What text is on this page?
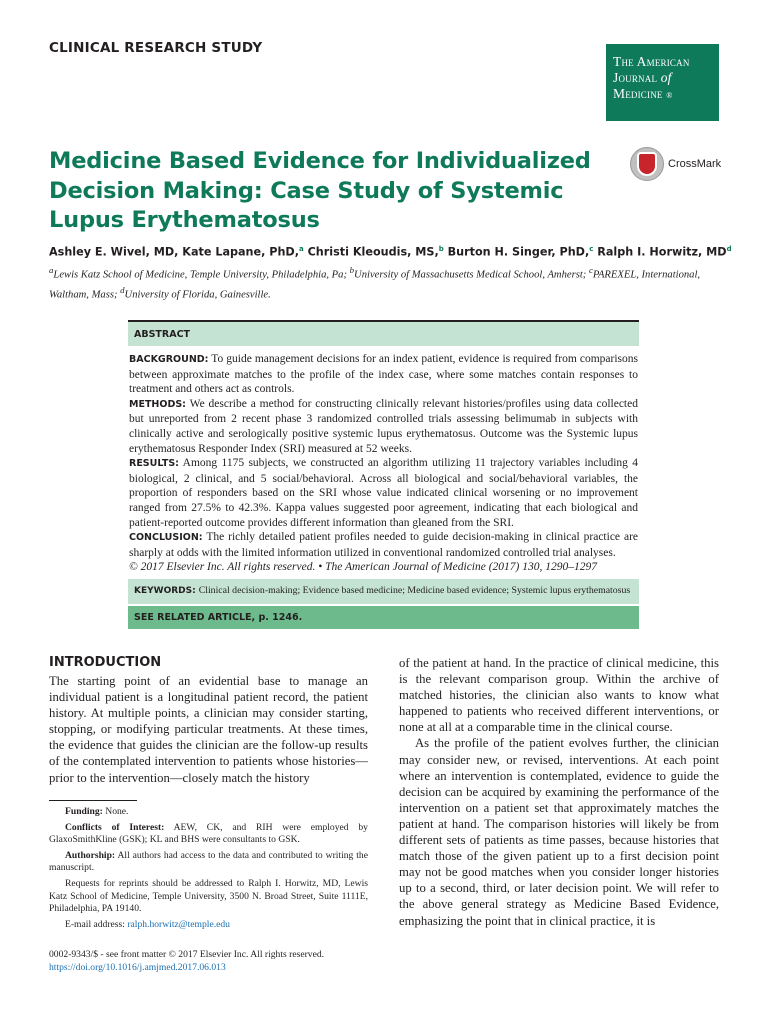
CLINICAL RESEARCH STUDY
The American
Journal of
Medicine ®
CrossMark
Medicine Based Evidence for Individualized Decision Making: Case Study of Systemic Lupus Erythematosus
Ashley E. Wivel, MD, Kate Lapane, PhD,$^a$ Christi Kleoudis, MS,$^b$ Burton H. Singer, PhD,$^c$ Ralph I. Horwitz, $MD^d$
$^a$Lewis Katz School of Medicine, Temple University, Philadelphia, Pa; $^b$University of Massachusetts Medical School, Amherst; $^c$PAREXEL, International, Waltham, Mass; $^d$University of Florida, Gainesville.
ABSTRACT
BACKGROUND: To guide management decisions for an index patient, evidence is required from comparisons between approximate matches to the profile of the index case, where some matches contain responses to treatment and others act as controls.
METHODS: We describe a method for constructing clinically relevant histories/profiles using data collected but unreported from 2 recent phase 3 randomized controlled trials assessing belimumab in subjects with clinically active and serologically positive systemic lupus erythematosus. Outcome was the Systemic lupus erythematosus Responder Index (SRI) measured at 52 weeks.
RESULTS: Among 1175 subjects, we constructed an algorithm utilizing 11 trajectory variables including 4 biological, 2 clinical, and 5 social/behavioral. Across all biological and social/behavioral variables, the proportion of responders based on the SRI whose value indicated clinical worsening or no improvement ranged from 27.5% to 42.3%. Kappa values suggested poor agreement, indicating that each biological and patient-reported outcome provides different information than gleaned from the SRI.
CONCLUSION: The richly detailed patient profiles needed to guide decision-making in clinical practice are sharply at odds with the limited information utilized in conventional randomized controlled trial analyses.
© 2017 Elsevier Inc. All rights reserved. • The American Journal of Medicine (2017) 130, 1290–1297
KEYWORDS: Clinical decision-making; Evidence based medicine; Medicine based evidence; Systemic lupus erythematosus
SEE RELATED ARTICLE, p. 1246.
INTRODUCTION

The starting point of an evidential base to manage an individual patient is a longitudinal patient record, the patient history. At multiple points, a clinician may consider starting, stopping, or modifying particular treatments. At these times, the evidence that guides the clinician are the follow-up results of the contemplated intervention to patients whose histories—prior to the intervention—closely match the history

of the patient at hand. In the practice of clinical medicine, this is the relevant comparison group. Within the archive of matched histories, the clinician also wants to know what happened to patients who received different interventions, or none at all at a comparable time in the clinical course.

As the profile of the patient evolves further, the clinician may consider new, or revised, interventions. At each point where an intervention is contemplated, evidence to guide the decision can be acquired by examining the performance of the intervention on a patient set that approximately matches the patient at hand. The comparison histories will likely be from different sets of patients as time passes, because histories that match those of the given patient up to a first decision point may not be good matches when you consider longer histories up to a second, third, or later decision point. We will refer to the above general strategy as Medicine Based Evidence, emphasizing the point that in clinical practice, it is

Funding: None.

Conflicts of Interest: AEW, CK, and RIH were employed by GlaxoSmithKline (GSK); KL and BHS were consultants to GSK.

Authorship: All authors had access to the data and contributed to writing the manuscript.

Requests for reprints should be addressed to Ralph I. Horwitz, MD, Lewis Katz School of Medicine, Temple University, 3500 N. Broad Street, Suite 1111E, Philadelphia, PA 19140.

E-mail address: ralph.horwitz@temple.edu

0002-9343/$ - see front matter © 2017 Elsevier Inc. All rights reserved.
https://doi.org/10.1016/j.amjmed.2017.06.013
